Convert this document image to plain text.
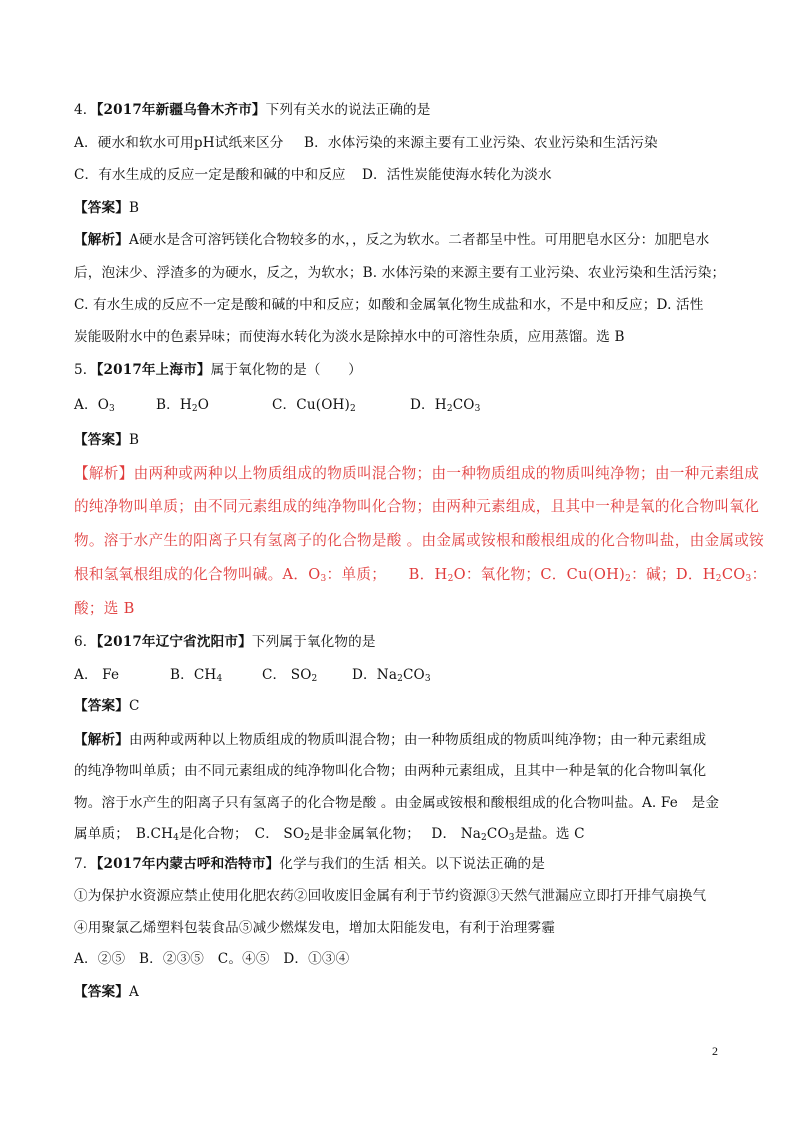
4．【2017年新疆乌鲁木齐市】下列有关水的说法正确的是
A．硬水和软水可用pH试纸来区分 B．水体污染的来源主要有工业污染、农业污染和生活污染
C．有水生成的反应一定是酸和碱的中和反应 D．活性炭能使海水转化为淡水
【答案】B
【解析】A硬水是含可溶钙镁化合物较多的水，，反之为软水。二者都呈中性。可用肥皂水区分：加肥皂水
后，泡沫少、浮渣多的为硬水，反之，为软水；B. 水体污染的来源主要有工业污染、农业污染和生活污染；
C. 有水生成的反应不一定是酸和碱的中和反应；如酸和金属氧化物生成盐和水，不是中和反应；D. 活性
炭能吸附水中的色素异味；而使海水转化为淡水是除掉水中的可溶性杂质，应用蒸馏。选 B
5．【2017年上海市】属于氧化物的是（　　）
A．$O_3$	B．$H_2O$	C．$Cu(OH)_2$	D．$H_2CO_3$
【答案】B
【解析】由两种或两种以上物质组成的物质叫混合物；由一种物质组成的物质叫纯净物；由一种元素组成
的纯净物叫单质；由不同元素组成的纯净物叫化合物；由两种元素组成，且其中一种是氧的化合物叫氧化
物。溶于水产生的阳离子只有氢离子的化合物是酸 。由金属或铵根和酸根组成的化合物叫盐，由金属或铵
根和氢氧根组成的化合物叫碱。A．$O_3$：单质；　　B．$H_2O$：氧化物；C．$Cu(OH)_2$：碱；D．$H_2CO_3$：
酸；选 B
6．【2017年辽宁省沈阳市】下列属于氧化物的是
A． Fe	B．$CH_4$	C． $SO_2$	D．$Na_2CO_3$
【答案】C
【解析】由两种或两种以上物质组成的物质叫混合物；由一种物质组成的物质叫纯净物；由一种元素组成
的纯净物叫单质；由不同元素组成的纯净物叫化合物；由两种元素组成，且其中一种是氧的化合物叫氧化
物。溶于水产生的阳离子只有氢离子的化合物是酸 。由金属或铵根和酸根组成的化合物叫盐。A. Fe　是金
属单质；　$B.CH_4$是化合物；　C． $SO_2$是非金属氧化物；　 D． $Na_2CO_3$是盐。选 C
7．【2017年内蒙古呼和浩特市】化学与我们的生活 相关。以下说法正确的是
①为保护水资源应禁止使用化肥农药②回收废旧金属有利于节约资源③天然气泄漏应立即打开排气扇换气
④用聚氯乙烯塑料包装食品⑤减少燃煤发电，增加太阳能发电，有利于治理雾霾
A．②⑤　B．②③⑤　C。④⑤　D．①③④
【答案】A
2
